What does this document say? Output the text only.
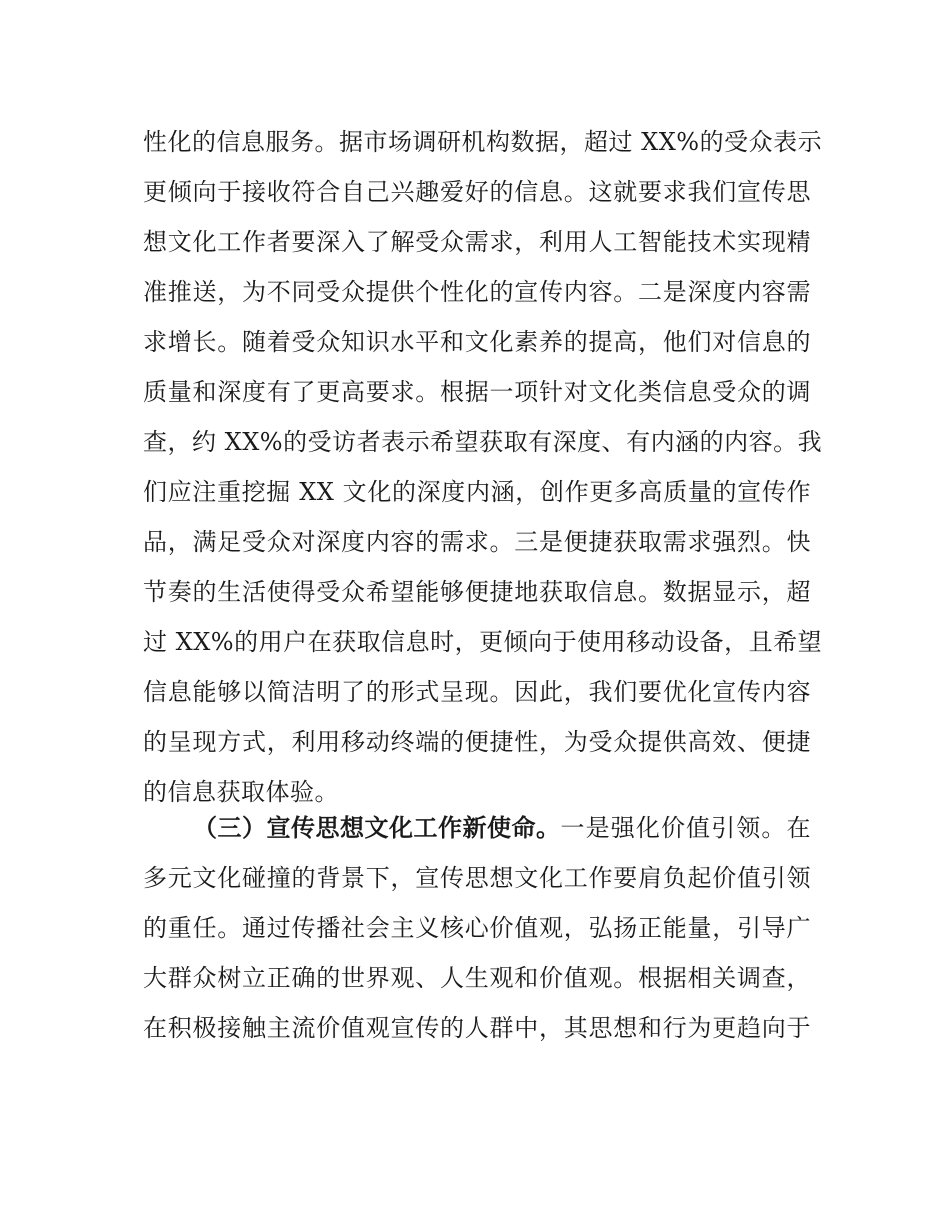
性化的信息服务。据市场调研机构数据，超过 XX%的受众表示
更倾向于接收符合自己兴趣爱好的信息。这就要求我们宣传思
想文化工作者要深入了解受众需求，利用人工智能技术实现精
准推送，为不同受众提供个性化的宣传内容。二是深度内容需
求增长。随着受众知识水平和文化素养的提高，他们对信息的
质量和深度有了更高要求。根据一项针对文化类信息受众的调
查，约 XX%的受访者表示希望获取有深度、有内涵的内容。我
们应注重挖掘 XX 文化的深度内涵，创作更多高质量的宣传作
品，满足受众对深度内容的需求。三是便捷获取需求强烈。快
节奏的生活使得受众希望能够便捷地获取信息。数据显示，超
过 XX%的用户在获取信息时，更倾向于使用移动设备，且希望
信息能够以简洁明了的形式呈现。因此，我们要优化宣传内容
的呈现方式，利用移动终端的便捷性，为受众提供高效、便捷
的信息获取体验。
（三）宣传思想文化工作新使命。 一是强化价值引领。在
多元文化碰撞的背景下，宣传思想文化工作要肩负起价值引领
的重任。通过传播社会主义核心价值观，弘扬正能量，引导广
大群众树立正确的世界观、人生观和价值观。根据相关调查，
在积极接触主流价值观宣传的人群中，其思想和行为更趋向于
